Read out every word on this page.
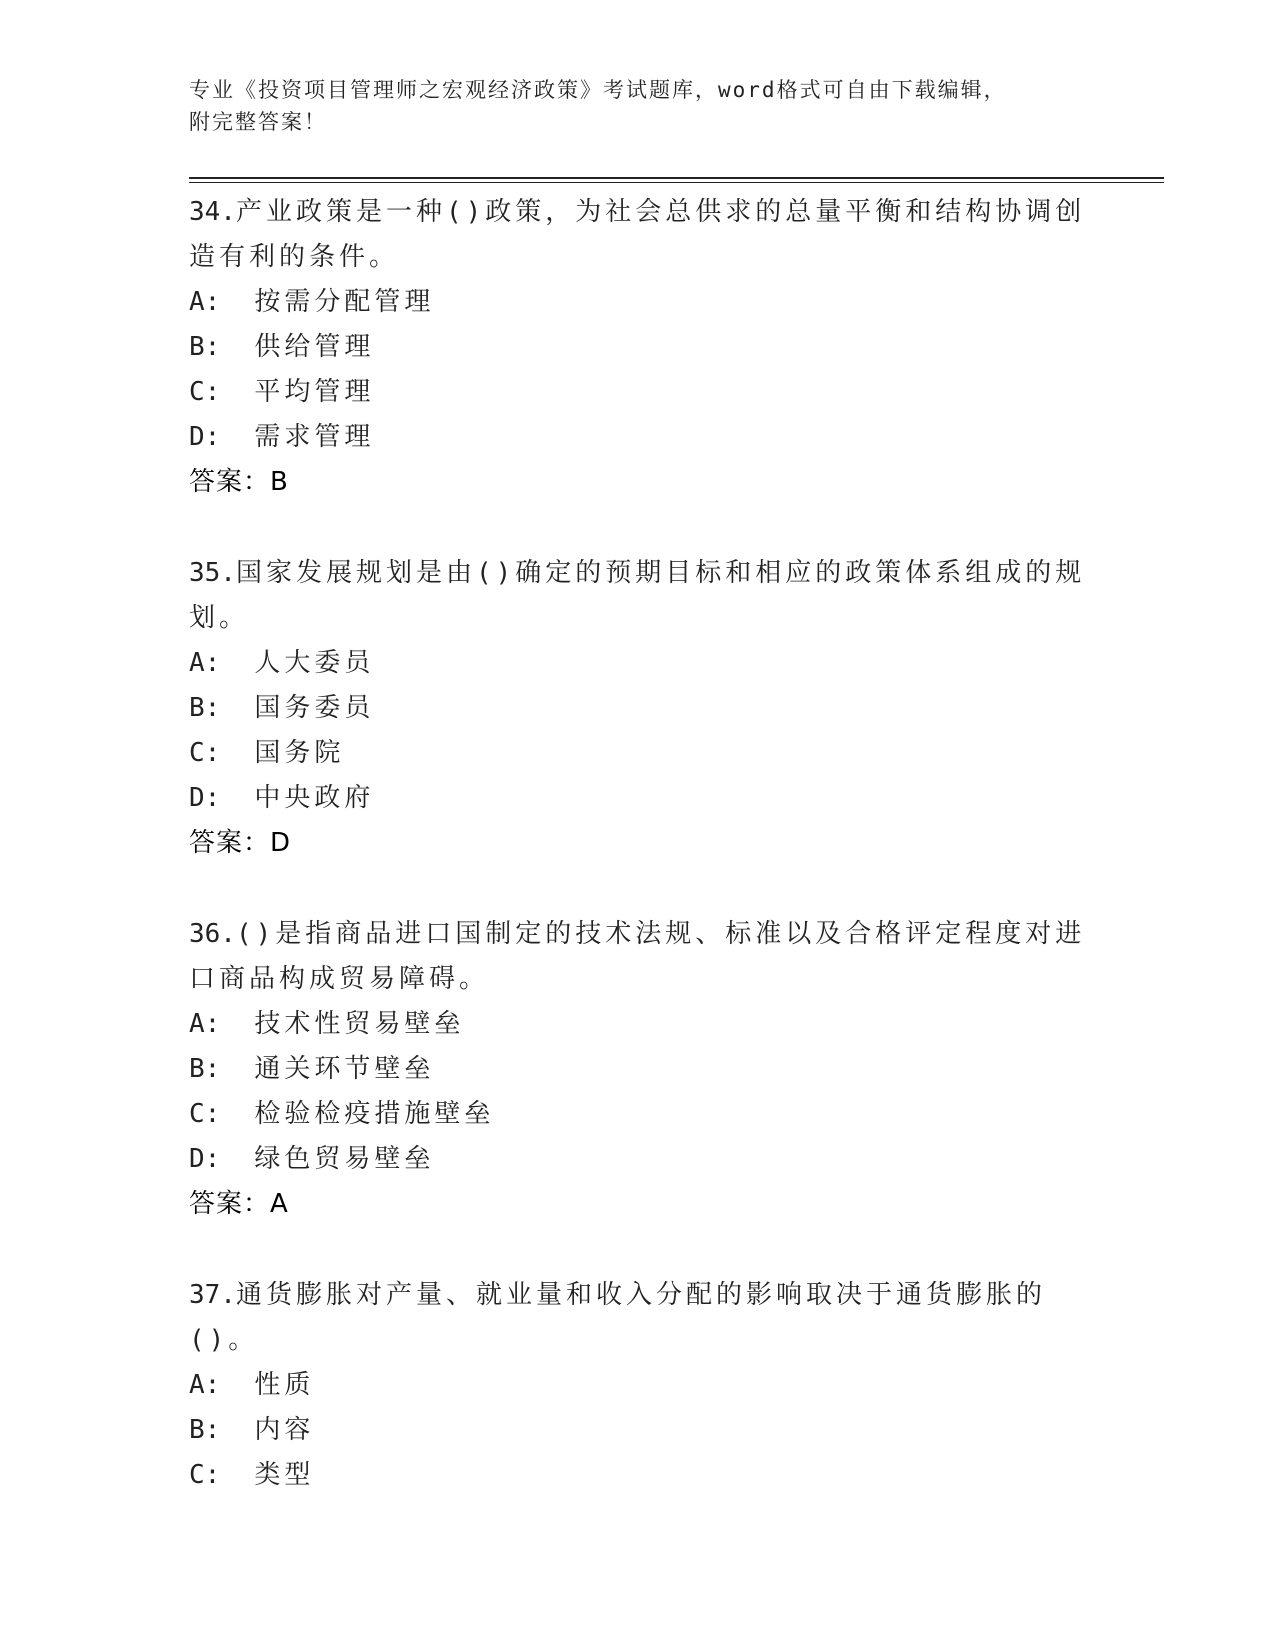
专业《投资项目管理师之宏观经济政策》考试题库，word格式可自由下载编辑，
附完整答案！
34.产业政策是一种()政策，为社会总供求的总量平衡和结构协调创造有利的条件。
A: 按需分配管理
B: 供给管理
C: 平均管理
D: 需求管理
答案：B
35.国家发展规划是由()确定的预期目标和相应的政策体系组成的规划。
A: 人大委员
B: 国务委员
C: 国务院
D: 中央政府
答案：D
36.()是指商品进口国制定的技术法规、标准以及合格评定程度对进口商品构成贸易障碍。
A: 技术性贸易壁垒
B: 通关环节壁垒
C: 检验检疫措施壁垒
D: 绿色贸易壁垒
答案：A
37.通货膨胀对产量、就业量和收入分配的影响取决于通货膨胀的()。
A: 性质
B: 内容
C: 类型
